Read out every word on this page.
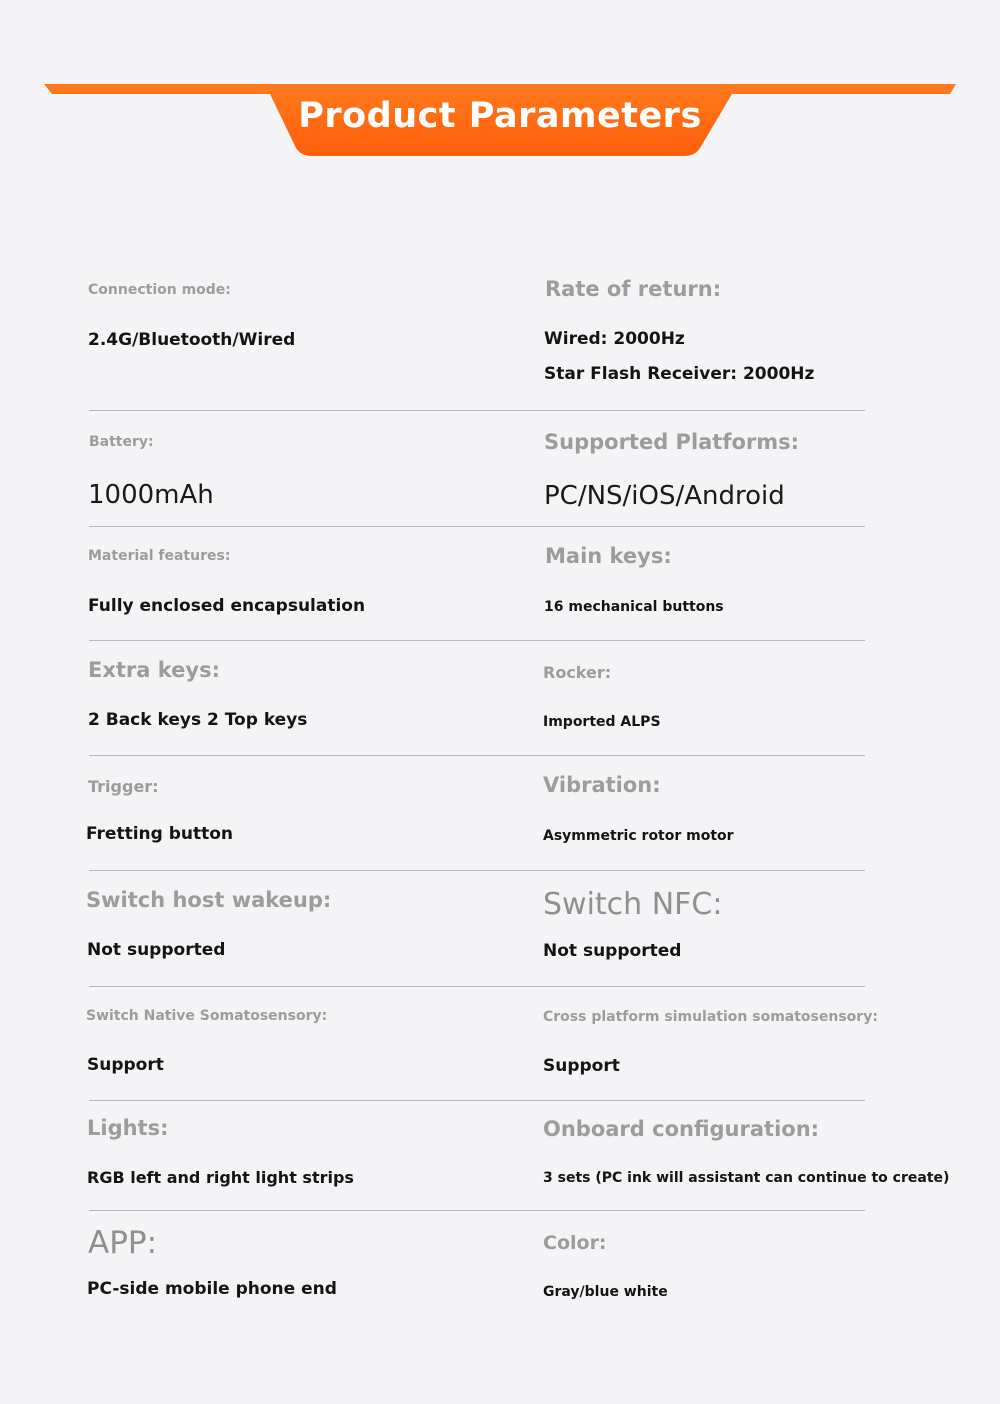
Product Parameters
Connection mode:
2.4G/Bluetooth/Wired
Rate of return:
Wired: 2000Hz
Star Flash Receiver: 2000Hz
Battery:
1000mAh
Supported Platforms:
PC/NS/iOS/Android
Material features:
Fully enclosed encapsulation
Main keys:
16 mechanical buttons
Extra keys:
2 Back keys 2 Top keys
Rocker:
Imported ALPS
Trigger:
Fretting button
Vibration:
Asymmetric rotor motor
Switch host wakeup:
Not supported
Switch NFC:
Not supported
Switch Native Somatosensory:
Support
Cross platform simulation somatosensory:
Support
Lights:
RGB left and right light strips
Onboard configuration:
3 sets (PC ink will assistant can continue to create)
APP:
PC-side mobile phone end
Color:
Gray/blue white
